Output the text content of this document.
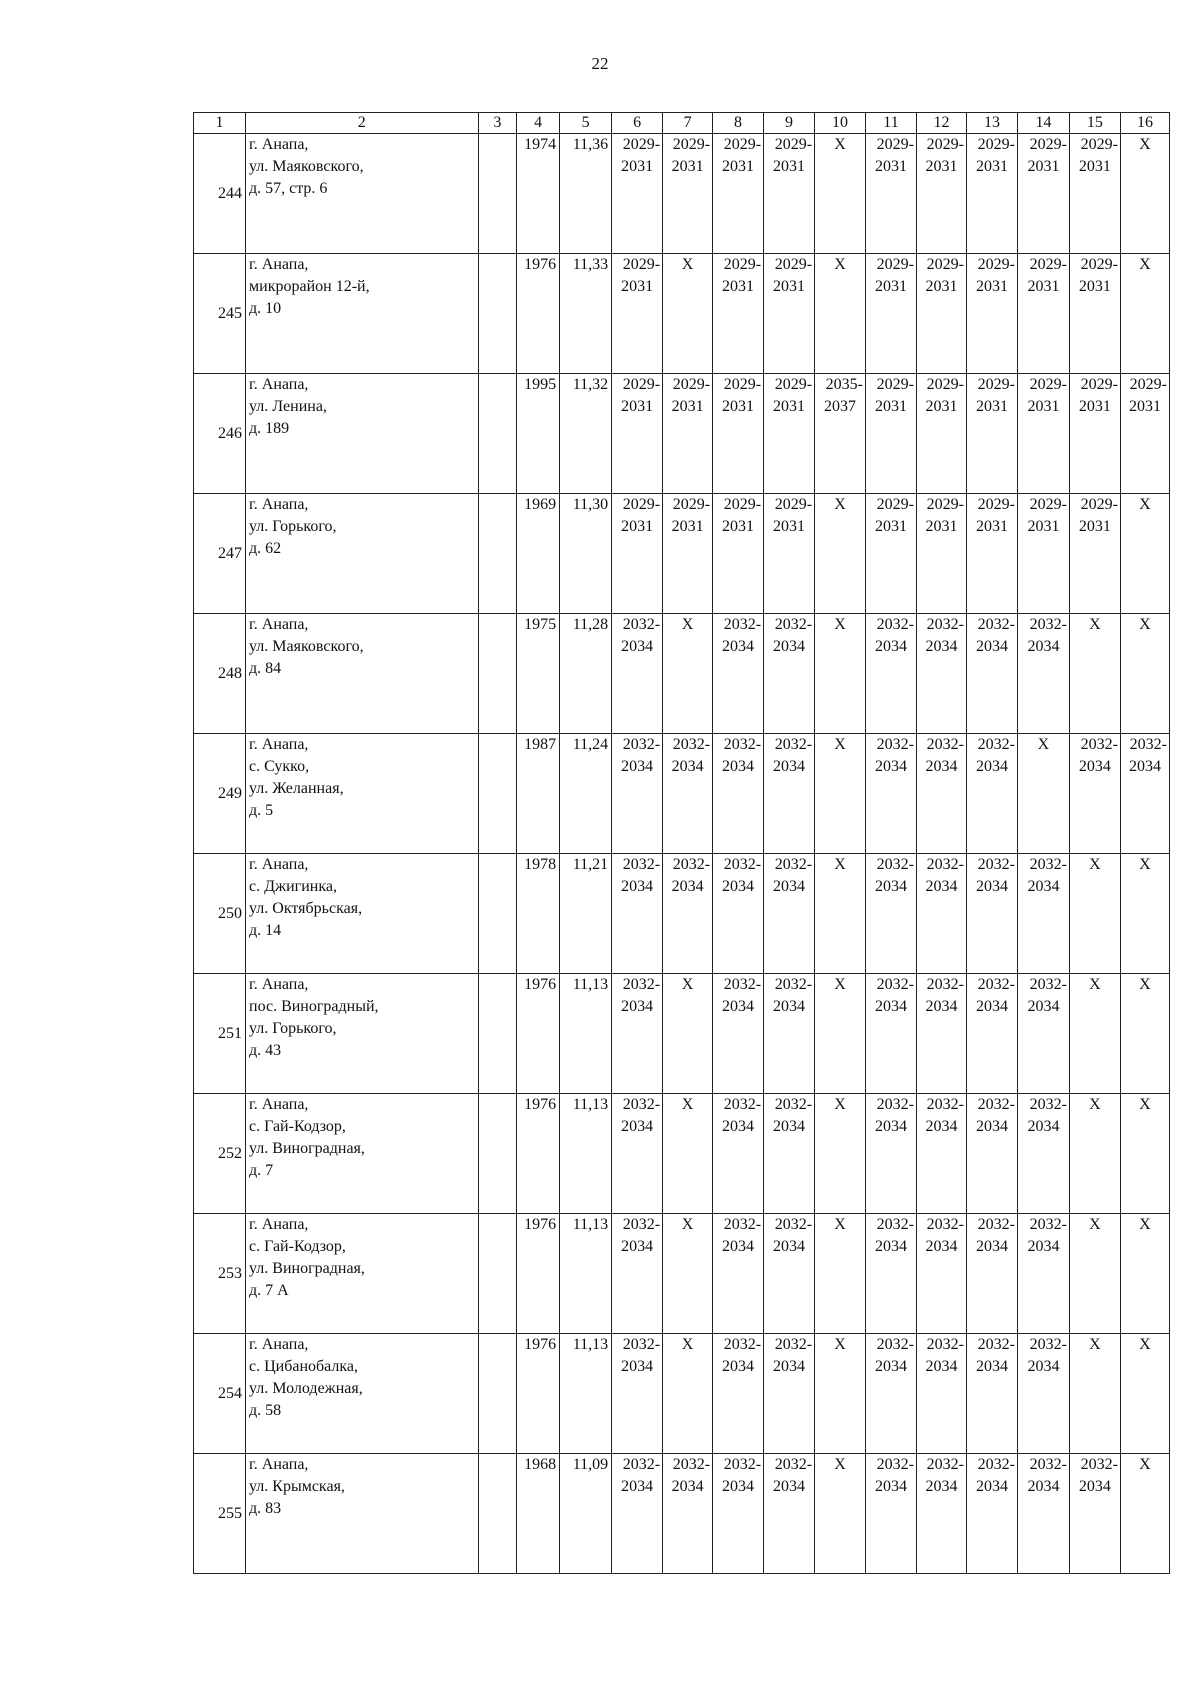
22
1	2	3	4	5	6	7	8	9	10	11	12	13	14	15	16
244	г. Анапа,
ул. Маяковского,
д. 57, стр. 6		1974	11,36	2029-
2031	2029-
2031	2029-
2031	2029-
2031	X	2029-
2031	2029-
2031	2029-
2031	2029-
2031	2029-
2031	X
245	г. Анапа,
микрорайон 12-й,
д. 10		1976	11,33	2029-
2031	X	2029-
2031	2029-
2031	X	2029-
2031	2029-
2031	2029-
2031	2029-
2031	2029-
2031	X
246	г. Анапа,
ул. Ленина,
д. 189		1995	11,32	2029-
2031	2029-
2031	2029-
2031	2029-
2031	2035-
2037	2029-
2031	2029-
2031	2029-
2031	2029-
2031	2029-
2031	2029-
2031

247	г. Анапа,
ул. Горького,
д. 62		1969	11,30	2029-
2031	2029-
2031	2029-
2031	2029-
2031	X	2029-
2031	2029-
2031	2029-
2031	2029-
2031	2029-
2031	X
248	г. Анапа,
ул. Маяковского,
д. 84		1975	11,28	2032-
2034	X	2032-
2034	2032-
2034	X	2032-
2034	2032-
2034	2032-
2034	2032-
2034	X	X
249	г. Анапа,
с. Сукко,
ул. Желанная,
д. 5		1987	11,24	2032-
2034	2032-
2034	2032-
2034	2032-
2034	X	2032-
2034	2032-
2034	2032-
2034	X	2032-
2034	2032-
2034

250	г. Анапа,
с. Джигинка,
ул. Октябрьская,
д. 14		1978	11,21	2032-
2034	2032-
2034	2032-
2034	2032-
2034	X	2032-
2034	2032-
2034	2032-
2034	2032-
2034	X	X
251	г. Анапа,
пос. Виноградный,
ул. Горького,
д. 43		1976	11,13	2032-
2034	X	2032-
2034	2032-
2034	X	2032-
2034	2032-
2034	2032-
2034	2032-
2034	X	X
252	г. Анапа,
с. Гай-Кодзор,
ул. Виноградная,
д. 7		1976	11,13	2032-
2034	X	2032-
2034	2032-
2034	X	2032-
2034	2032-
2034	2032-
2034	2032-
2034	X	X
253	г. Анапа,
с. Гай-Кодзор,
ул. Виноградная,
д. 7 А		1976	11,13	2032-
2034	X	2032-
2034	2032-
2034	X	2032-
2034	2032-
2034	2032-
2034	2032-
2034	X	X
254	г. Анапа,
с. Цибанобалка,
ул. Молодежная,
д. 58		1976	11,13	2032-
2034	X	2032-
2034	2032-
2034	X	2032-
2034	2032-
2034	2032-
2034	2032-
2034	X	X
255	г. Анапа,
ул. Крымская,
д. 83		1968	11,09	2032-
2034	2032-
2034	2032-
2034	2032-
2034	X	2032-
2034	2032-
2034	2032-
2034	2032-
2034	2032-
2034	X
